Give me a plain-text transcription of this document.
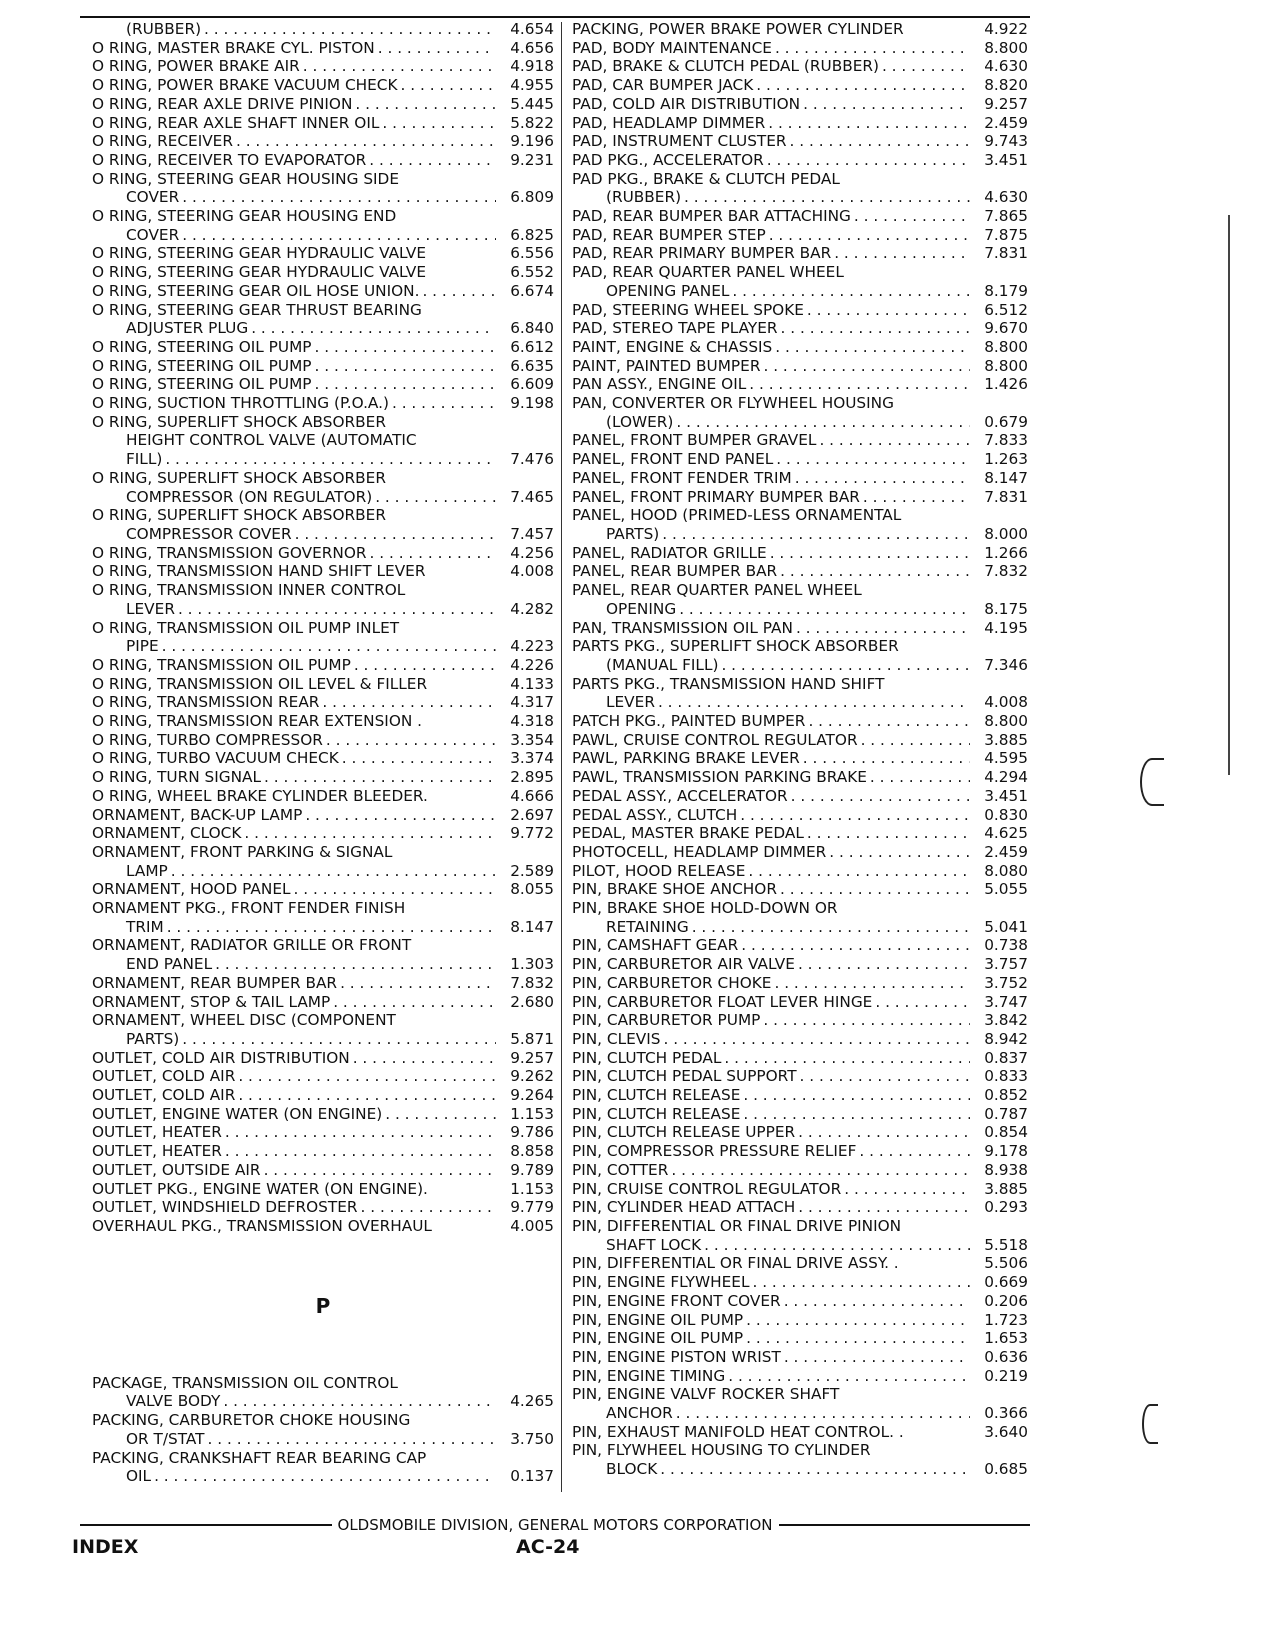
(RUBBER) . . .	4.654
O RING, MASTER BRAKE CYL. PISTON . . .	4.656
O RING, POWER BRAKE AIR . . .	4.918
O RING, POWER BRAKE VACUUM CHECK . . .	4.955
O RING, REAR AXLE DRIVE PINION . . .	5.445
O RING, REAR AXLE SHAFT INNER OIL . . .	5.822
O RING, RECEIVER . . .	9.196
O RING, RECEIVER TO EVAPORATOR . . .	9.231
O RING, STEERING GEAR HOUSING SIDE
COVER . . .	6.809
O RING, STEERING GEAR HOUSING END
COVER . . .	6.825
O RING, STEERING GEAR HYDRAULIC VALVE	6.556
O RING, STEERING GEAR HYDRAULIC VALVE	6.552
O RING, STEERING GEAR OIL HOSE UNION. . . .	6.674
O RING, STEERING GEAR THRUST BEARING
ADJUSTER PLUG . . .	6.840
O RING, STEERING OIL PUMP . . .	6.612
O RING, STEERING OIL PUMP . . .	6.635
O RING, STEERING OIL PUMP . . .	6.609
O RING, SUCTION THROTTLING (P.O.A.) . . .	9.198
O RING, SUPERLIFT SHOCK ABSORBER
HEIGHT CONTROL VALVE (AUTOMATIC
FILL) . . .	7.476
O RING, SUPERLIFT SHOCK ABSORBER
COMPRESSOR (ON REGULATOR) . . .	7.465
O RING, SUPERLIFT SHOCK ABSORBER
COMPRESSOR COVER . . .	7.457
O RING, TRANSMISSION GOVERNOR . . .	4.256
O RING, TRANSMISSION HAND SHIFT LEVER	4.008
O RING, TRANSMISSION INNER CONTROL
LEVER . . .	4.282
O RING, TRANSMISSION OIL PUMP INLET
PIPE . . .	4.223
O RING, TRANSMISSION OIL PUMP . . .	4.226
O RING, TRANSMISSION OIL LEVEL & FILLER	4.133
O RING, TRANSMISSION REAR . . .	4.317
O RING, TRANSMISSION REAR EXTENSION .	4.318
O RING, TURBO COMPRESSOR . . .	3.354
O RING, TURBO VACUUM CHECK . . .	3.374
O RING, TURN SIGNAL . . .	2.895
O RING, WHEEL BRAKE CYLINDER BLEEDER.	4.666
ORNAMENT, BACK-UP LAMP . . .	2.697
ORNAMENT, CLOCK . . .	9.772
ORNAMENT, FRONT PARKING & SIGNAL
LAMP . . .	2.589
ORNAMENT, HOOD PANEL . . .	8.055
ORNAMENT PKG., FRONT FENDER FINISH
TRIM . . .	8.147
ORNAMENT, RADIATOR GRILLE OR FRONT
END PANEL . . .	1.303
ORNAMENT, REAR BUMPER BAR . . .	7.832
ORNAMENT, STOP & TAIL LAMP . . .	2.680
ORNAMENT, WHEEL DISC (COMPONENT
PARTS) . . .	5.871
OUTLET, COLD AIR DISTRIBUTION . . .	9.257
OUTLET, COLD AIR . . .	9.262
OUTLET, COLD AIR . . .	9.264
OUTLET, ENGINE WATER (ON ENGINE) . . .	1.153
OUTLET, HEATER . . .	9.786
OUTLET, HEATER . . .	8.858
OUTLET, OUTSIDE AIR . . .	9.789
OUTLET PKG., ENGINE WATER (ON ENGINE).	1.153
OUTLET, WINDSHIELD DEFROSTER . . .	9.779
OVERHAUL PKG., TRANSMISSION OVERHAUL	4.005
P
PACKAGE, TRANSMISSION OIL CONTROL
VALVE BODY . . .	4.265
PACKING, CARBURETOR CHOKE HOUSING
OR T/STAT . . .	3.750
PACKING, CRANKSHAFT REAR BEARING CAP
OIL . . .	0.137
PACKING, POWER BRAKE POWER CYLINDER	4.922
PAD, BODY MAINTENANCE . . .	8.800
PAD, BRAKE & CLUTCH PEDAL (RUBBER) . . .	4.630
PAD, CAR BUMPER JACK . . .	8.820
PAD, COLD AIR DISTRIBUTION . . .	9.257
PAD, HEADLAMP DIMMER . . .	2.459
PAD, INSTRUMENT CLUSTER . . .	9.743
PAD PKG., ACCELERATOR . . .	3.451
PAD PKG., BRAKE & CLUTCH PEDAL
(RUBBER) . . .	4.630
PAD, REAR BUMPER BAR ATTACHING . . .	7.865
PAD, REAR BUMPER STEP . . .	7.875
PAD, REAR PRIMARY BUMPER BAR . . .	7.831
PAD, REAR QUARTER PANEL WHEEL
OPENING PANEL . . .	8.179
PAD, STEERING WHEEL SPOKE . . .	6.512
PAD, STEREO TAPE PLAYER . . .	9.670
PAINT, ENGINE & CHASSIS . . .	8.800
PAINT, PAINTED BUMPER . . .	8.800
PAN ASSY., ENGINE OIL . . .	1.426
PAN, CONVERTER OR FLYWHEEL HOUSING
(LOWER) . . .	0.679
PANEL, FRONT BUMPER GRAVEL . . .	7.833
PANEL, FRONT END PANEL . . .	1.263
PANEL, FRONT FENDER TRIM . . .	8.147
PANEL, FRONT PRIMARY BUMPER BAR . . .	7.831
PANEL, HOOD (PRIMED-LESS ORNAMENTAL
PARTS) . . .	8.000
PANEL, RADIATOR GRILLE . . .	1.266
PANEL, REAR BUMPER BAR . . .	7.832
PANEL, REAR QUARTER PANEL WHEEL
OPENING . . .	8.175
PAN, TRANSMISSION OIL PAN . . .	4.195
PARTS PKG., SUPERLIFT SHOCK ABSORBER
(MANUAL FILL) . . .	7.346
PARTS PKG., TRANSMISSION HAND SHIFT
LEVER . . .	4.008
PATCH PKG., PAINTED BUMPER . . .	8.800
PAWL, CRUISE CONTROL REGULATOR . . .	3.885
PAWL, PARKING BRAKE LEVER . . .	4.595
PAWL, TRANSMISSION PARKING BRAKE . . .	4.294
PEDAL ASSY., ACCELERATOR . . .	3.451
PEDAL ASSY., CLUTCH . . .	0.830
PEDAL, MASTER BRAKE PEDAL . . .	4.625
PHOTOCELL, HEADLAMP DIMMER . . .	2.459
PILOT, HOOD RELEASE . . .	8.080
PIN, BRAKE SHOE ANCHOR . . .	5.055
PIN, BRAKE SHOE HOLD-DOWN OR
RETAINING . . .	5.041
PIN, CAMSHAFT GEAR . . .	0.738
PIN, CARBURETOR AIR VALVE . . .	3.757
PIN, CARBURETOR CHOKE . . .	3.752
PIN, CARBURETOR FLOAT LEVER HINGE . . .	3.747
PIN, CARBURETOR PUMP . . .	3.842
PIN, CLEVIS . . .	8.942
PIN, CLUTCH PEDAL . . .	0.837
PIN, CLUTCH PEDAL SUPPORT . . .	0.833
PIN, CLUTCH RELEASE . . .	0.852
PIN, CLUTCH RELEASE . . .	0.787
PIN, CLUTCH RELEASE UPPER . . .	0.854
PIN, COMPRESSOR PRESSURE RELIEF . . .	9.178
PIN, COTTER . . .	8.938
PIN, CRUISE CONTROL REGULATOR . . .	3.885
PIN, CYLINDER HEAD ATTACH . . .	0.293
PIN, DIFFERENTIAL OR FINAL DRIVE PINION
SHAFT LOCK . . .	5.518
PIN, DIFFERENTIAL OR FINAL DRIVE ASSY. .	5.506
PIN, ENGINE FLYWHEEL . . .	0.669
PIN, ENGINE FRONT COVER . . .	0.206
PIN, ENGINE OIL PUMP . . .	1.723
PIN, ENGINE OIL PUMP . . .	1.653
PIN, ENGINE PISTON WRIST . . .	0.636
PIN, ENGINE TIMING . . .	0.219
PIN, ENGINE VALVF ROCKER SHAFT
ANCHOR . . .	0.366
PIN, EXHAUST MANIFOLD HEAT CONTROL. .	3.640
PIN, FLYWHEEL HOUSING TO CYLINDER
BLOCK . . .	0.685
OLDSMOBILE DIVISION, GENERAL MOTORS CORPORATION
INDEX	AC-24
